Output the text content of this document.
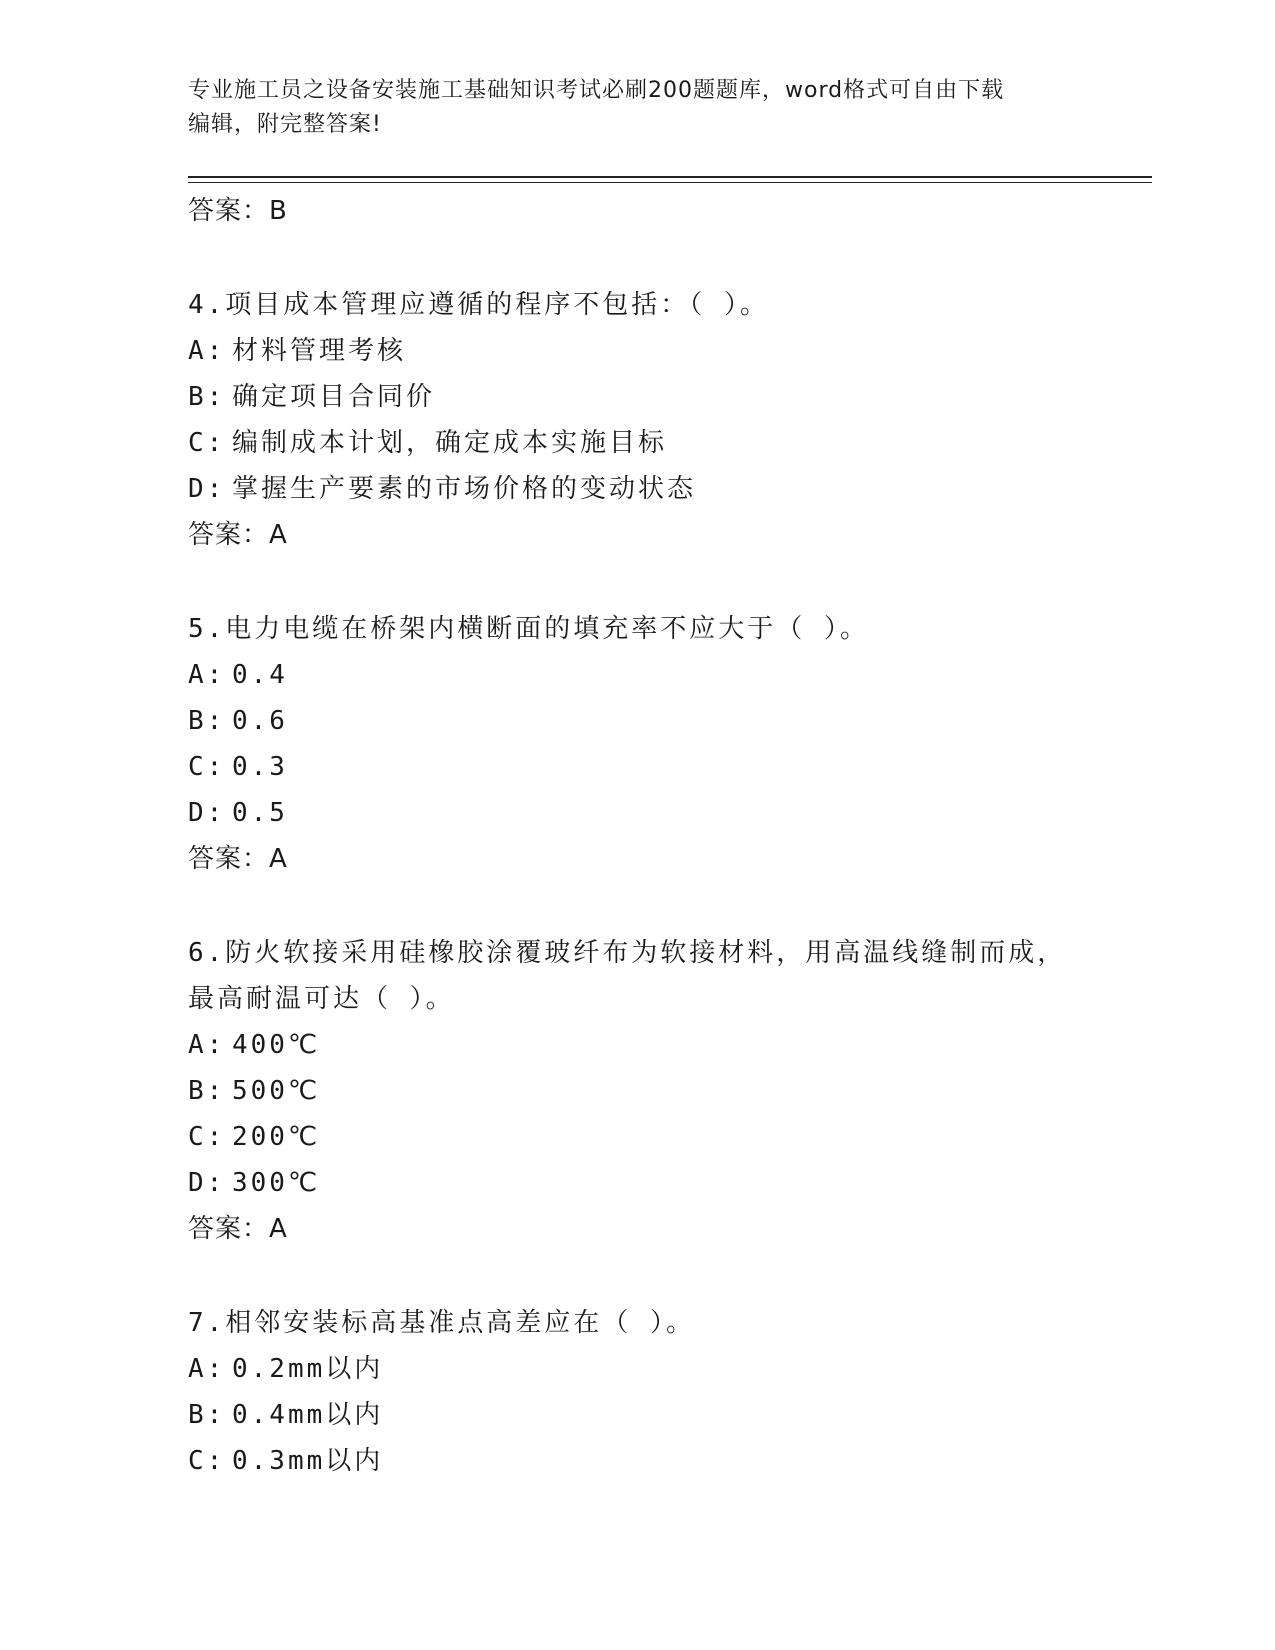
专业施工员之设备安装施工基础知识考试必刷200题题库，word格式可自由下载
编辑，附完整答案!
答案：B
4.项目成本管理应遵循的程序不包括：（ ）。
A: 材料管理考核
B: 确定项目合同价
C: 编制成本计划，确定成本实施目标
D: 掌握生产要素的市场价格的变动状态
答案：A
5.电力电缆在桥架内横断面的填充率不应大于（ ）。
A: 0.4
B: 0.6
C: 0.3
D: 0.5
答案：A
6.防火软接采用硅橡胶涂覆玻纤布为软接材料，用高温线缝制而成，
最高耐温可达（ ）。
A: 400℃
B: 500℃
C: 200℃
D: 300℃
答案：A
7.相邻安装标高基准点高差应在（ ）。
A: 0.2mm以内
B: 0.4mm以内
C: 0.3mm以内
